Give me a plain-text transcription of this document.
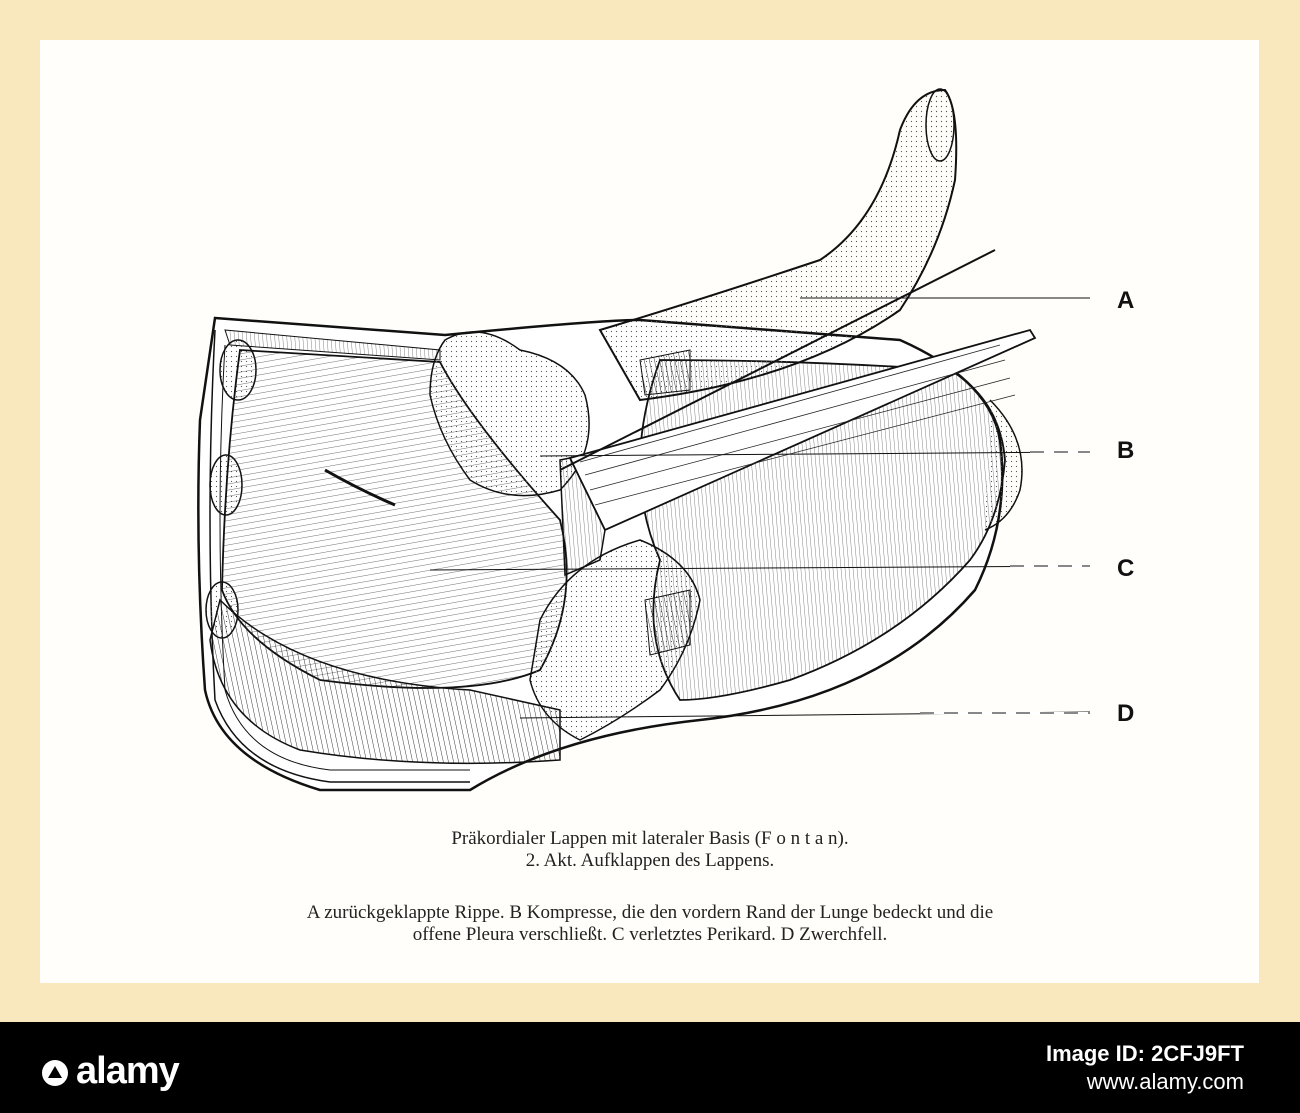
A
B
C
D
Präkordialer Lappen mit lateraler Basis (F o n t a n).
2. Akt. Aufklappen des Lappens.
A zurückgeklappte Rippe. B Kompresse, die den vordern Rand der Lunge bedeckt und die
offene Pleura verschließt. C verletztes Perikard. D Zwerchfell.
alamy	Image ID: 2CFJ9FT
www.alamy.com
